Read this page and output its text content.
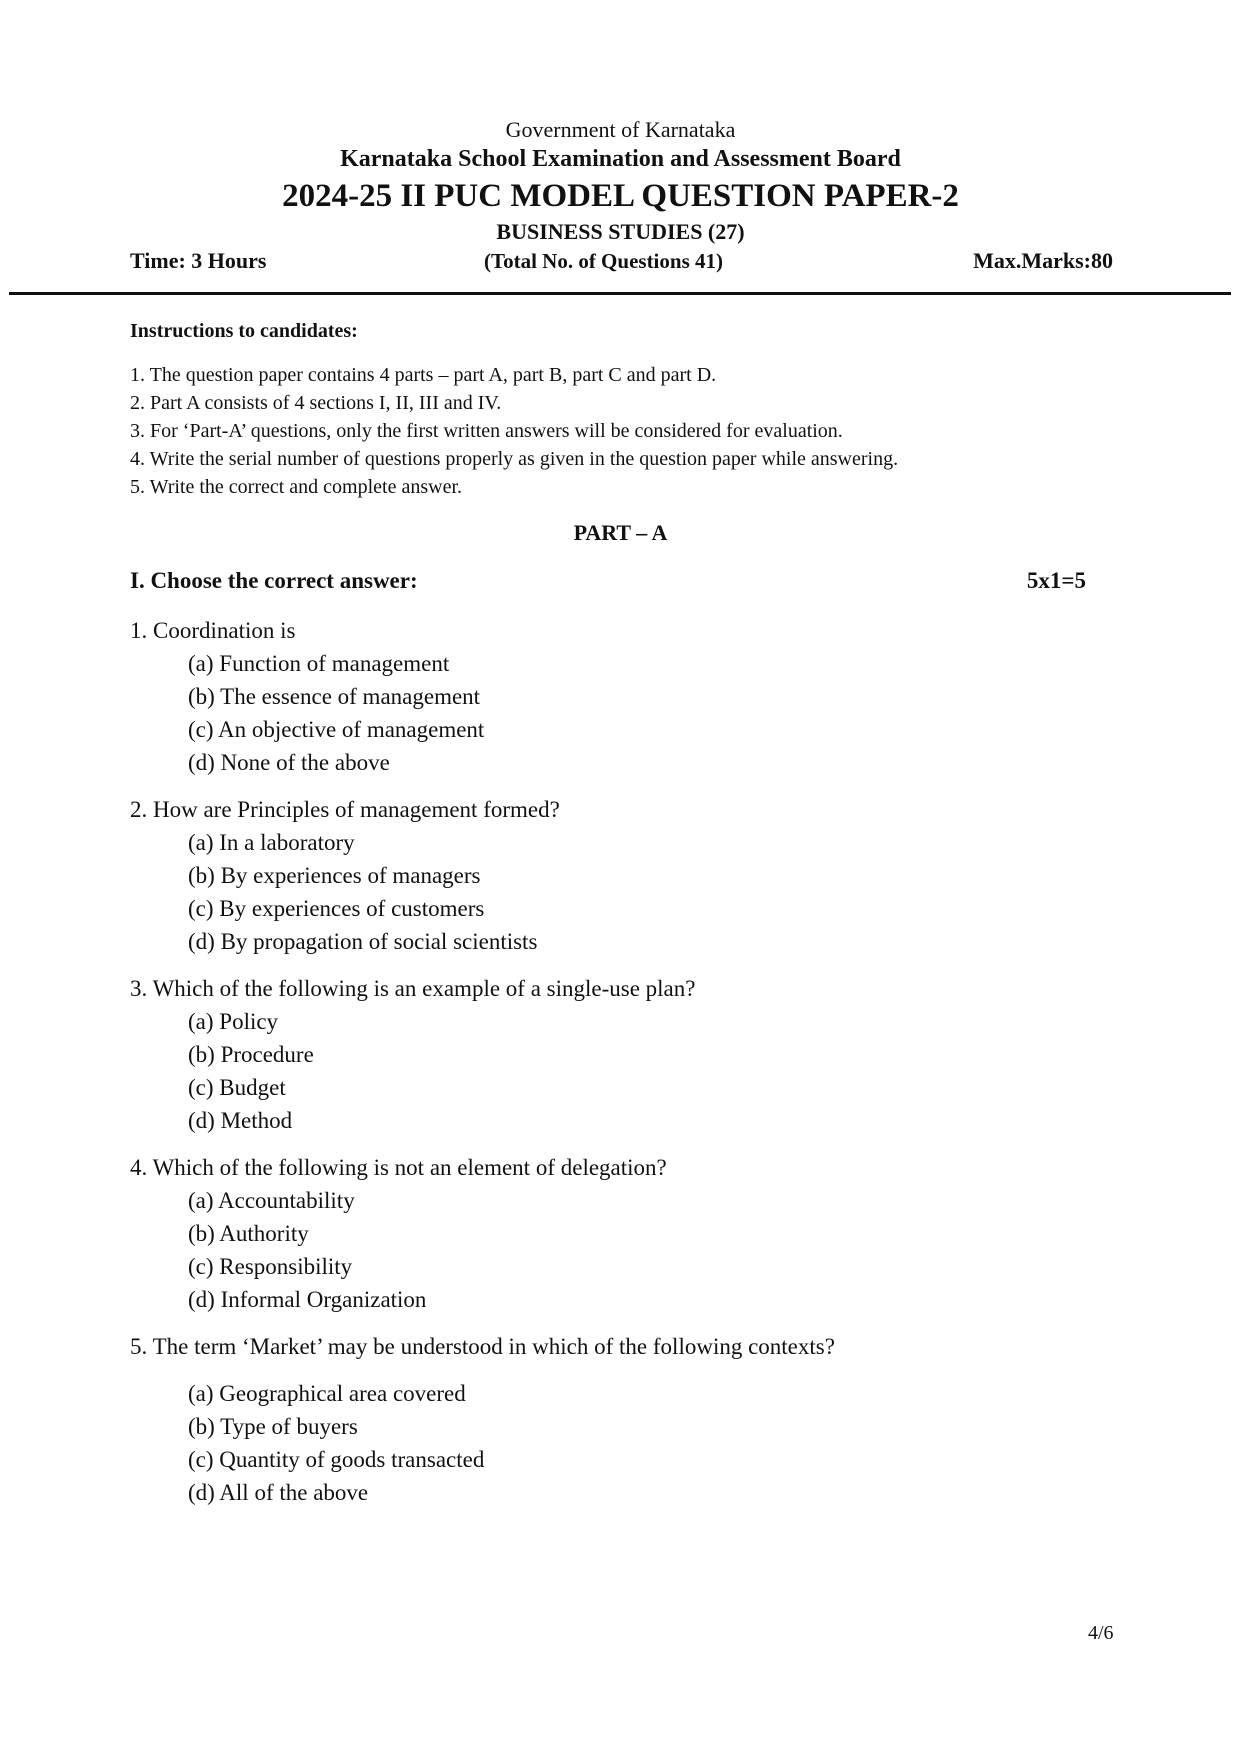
Government of Karnataka
Karnataka School Examination and Assessment Board
2024-25 II PUC MODEL QUESTION PAPER-2
BUSINESS STUDIES (27)
Time: 3 Hours	(Total No. of Questions 41)	Max.Marks:80
Instructions to candidates:
1. The question paper contains 4 parts – part A, part B, part C and part D.
2. Part A consists of 4 sections I, II, III and IV.
3. For ‘Part-A’ questions, only the first written answers will be considered for evaluation.
4. Write the serial number of questions properly as given in the question paper while answering.
5. Write the correct and complete answer.
PART – A
I. Choose the correct answer:	5x1=5
1. Coordination is
(a) Function of management
(b) The essence of management
(c) An objective of management
(d) None of the above
2. How are Principles of management formed?
(a) In a laboratory
(b) By experiences of managers
(c) By experiences of customers
(d) By propagation of social scientists
3. Which of the following is an example of a single-use plan?
(a) Policy
(b) Procedure
(c) Budget
(d) Method
4. Which of the following is not an element of delegation?
(a) Accountability
(b) Authority
(c) Responsibility
(d) Informal Organization
5. The term ‘Market’ may be understood in which of the following contexts?
(a) Geographical area covered
(b) Type of buyers
(c) Quantity of goods transacted
(d) All of the above
4/6
